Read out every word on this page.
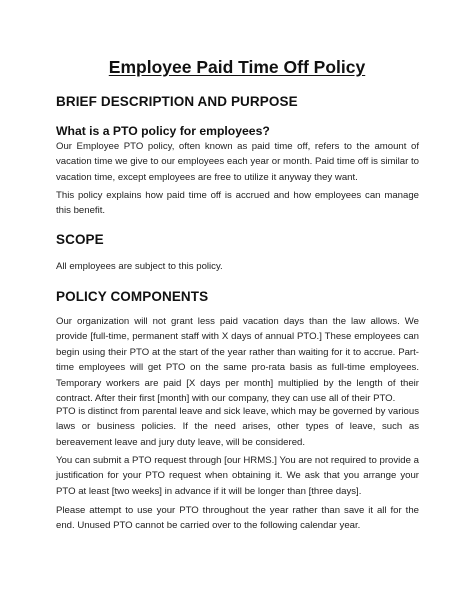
Employee Paid Time Off Policy
BRIEF DESCRIPTION AND PURPOSE
What is a PTO policy for employees?
Our Employee PTO policy, often known as paid time off, refers to the amount of vacation time we give to our employees each year or month. Paid time off is similar to vacation time, except employees are free to utilize it anyway they want.
This policy explains how paid time off is accrued and how employees can manage this benefit.
SCOPE
All employees are subject to this policy.
POLICY COMPONENTS
Our organization will not grant less paid vacation days than the law allows. We provide [full-time, permanent staff with X days of annual PTO.] These employees can begin using their PTO at the start of the year rather than waiting for it to accrue. Part-time employees will get PTO on the same pro-rata basis as full-time employees. Temporary workers are paid [X days per month] multiplied by the length of their contract. After their first [month] with our company, they can use all of their PTO.
PTO is distinct from parental leave and sick leave, which may be governed by various laws or business policies. If the need arises, other types of leave, such as bereavement leave and jury duty leave, will be considered.
You can submit a PTO request through [our HRMS.] You are not required to provide a justification for your PTO request when obtaining it. We ask that you arrange your PTO at least [two weeks] in advance if it will be longer than [three days].
Please attempt to use your PTO throughout the year rather than save it all for the end. Unused PTO cannot be carried over to the following calendar year.
